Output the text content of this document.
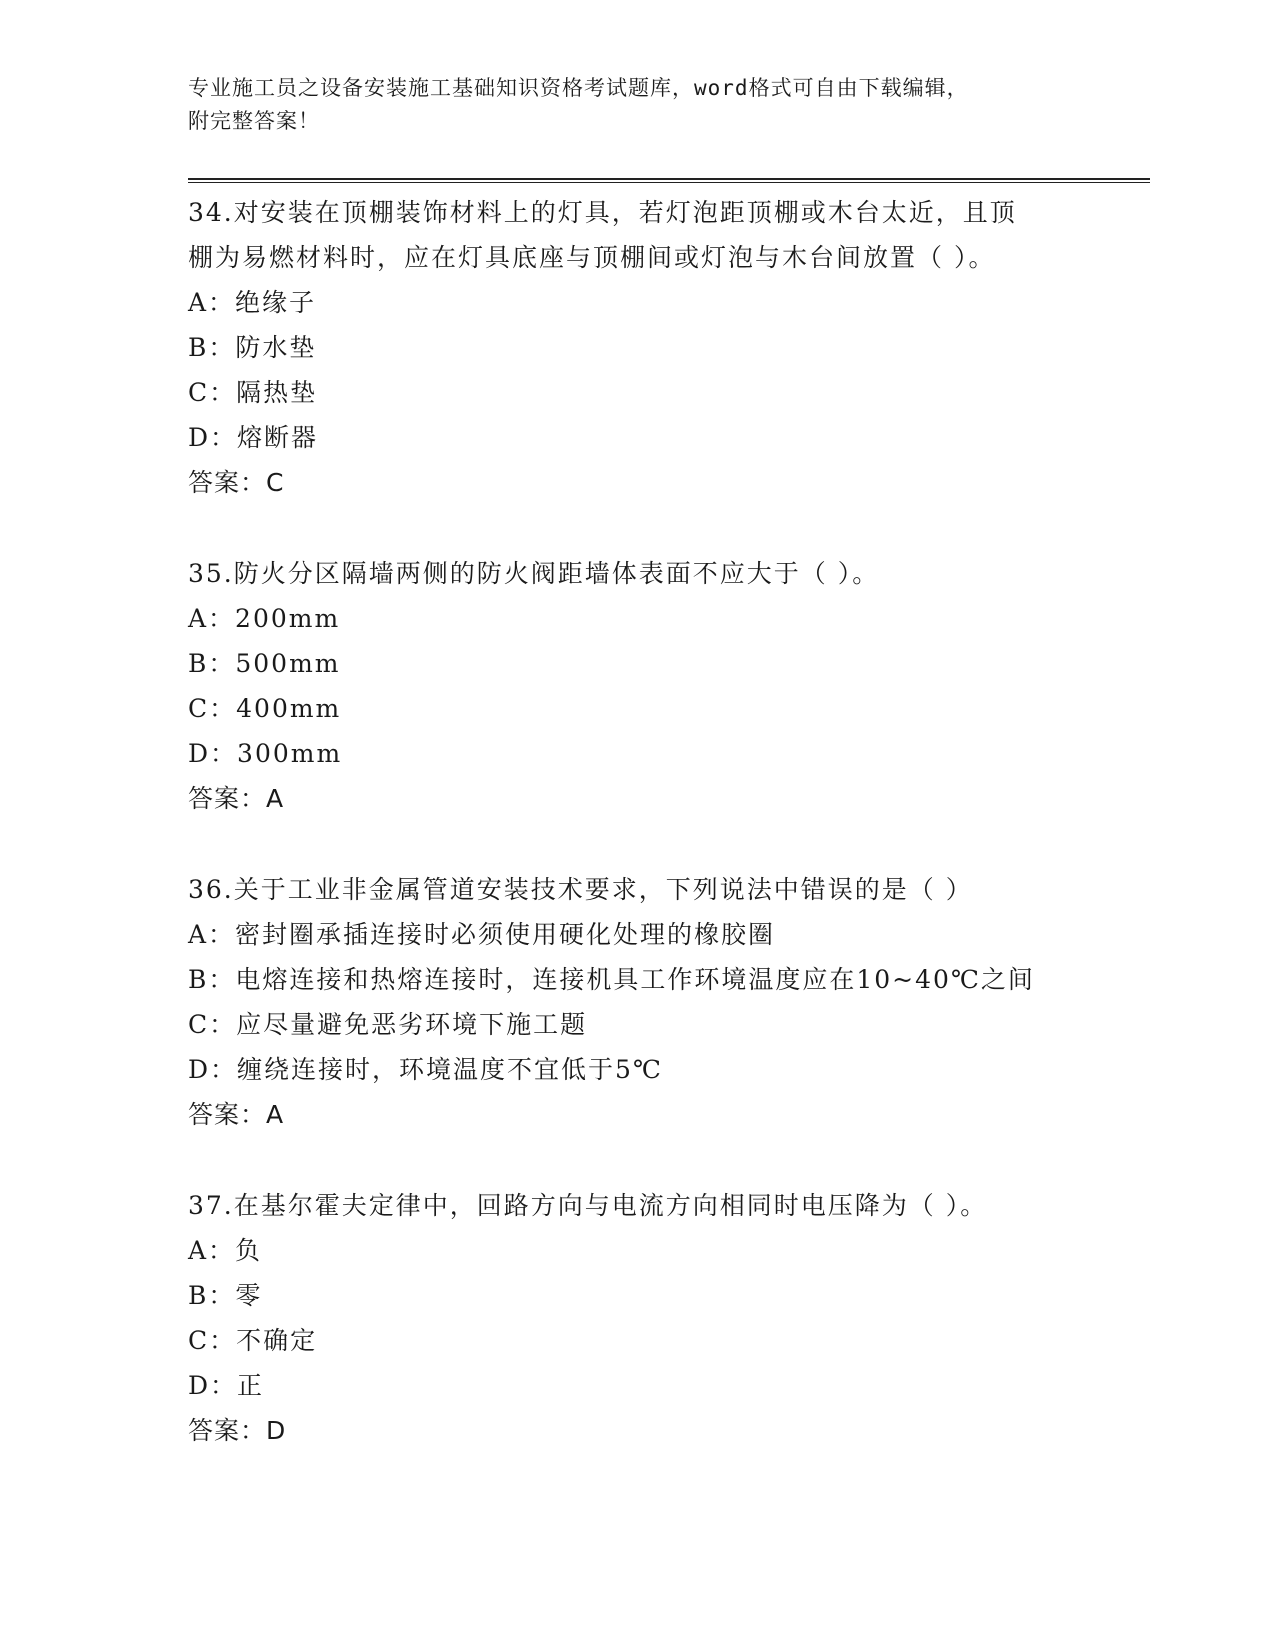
专业施工员之设备安装施工基础知识资格考试题库，word格式可自由下载编辑，
附完整答案！
34.对安装在顶棚装饰材料上的灯具，若灯泡距顶棚或木台太近，且顶
棚为易燃材料时，应在灯具底座与顶棚间或灯泡与木台间放置（ ）。
A：绝缘子
B：防水垫
C：隔热垫
D：熔断器
答案：C
35.防火分区隔墙两侧的防火阀距墙体表面不应大于（ ）。
A：200mm
B：500mm
C：400mm
D：300mm
答案：A
36.关于工业非金属管道安装技术要求，下列说法中错误的是（ ）
A：密封圈承插连接时必须使用硬化处理的橡胶圈
B：电熔连接和热熔连接时，连接机具工作环境温度应在10~40℃之间
C：应尽量避免恶劣环境下施工题
D：缠绕连接时，环境温度不宜低于5℃
答案：A
37.在基尔霍夫定律中，回路方向与电流方向相同时电压降为（ ）。
A：负
B：零
C：不确定
D：正
答案：D
